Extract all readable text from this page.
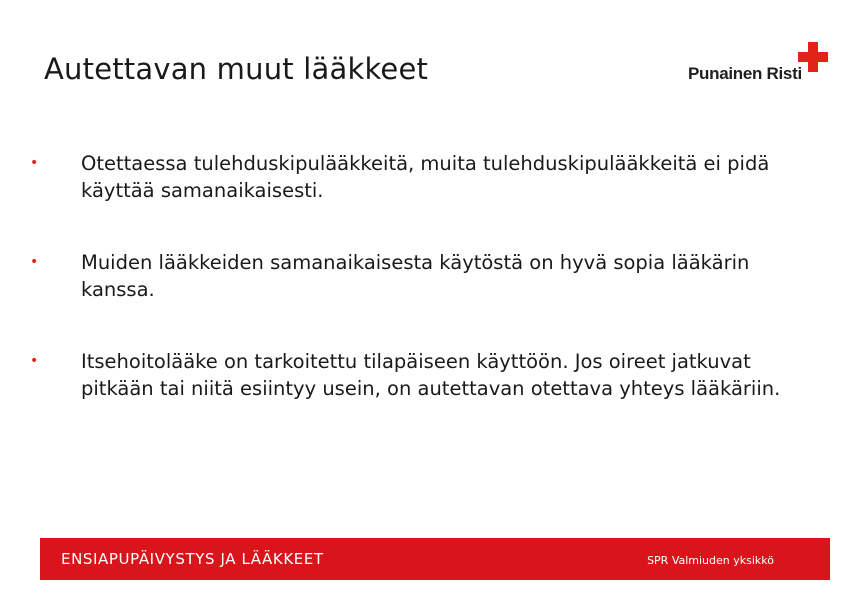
Autettavan muut lääkkeet	Punainen Risti
• Otettaessa tulehduskipulääkkeitä, muita tulehduskipulääkkeitä ei pidä käyttää samanaikaisesti.
• Muiden lääkkeiden samanaikaisesta käytöstä on hyvä sopia lääkärin kanssa.
• Itsehoitolääke on tarkoitettu tilapäiseen käyttöön. Jos oireet jatkuvat pitkään tai niitä esiintyy usein, on autettavan otettava yhteys lääkäriin.
ENSIAPUPÄIVYSTYS JA LÄÄKKEET	SPR Valmiuden yksikkö
